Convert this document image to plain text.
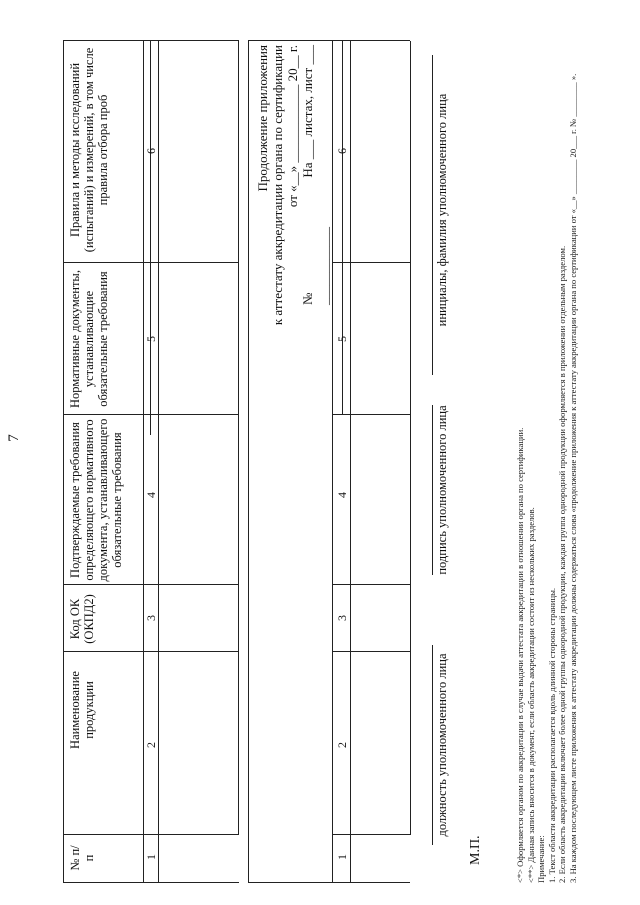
7
№ п/п
Наименование продукции
Код ОК (ОКПД2)
Подтверждаемые требования определяющего нормативного документа, устанавливающего обязательные требования
Нормативные документы, устанавливающие обязательные требования
Правила и методы исследований (испытаний) и измерений, в том числе правила отбора проб
1
2
3
4
5
6	Продолжение приложения к аттестату аккредитации органа по сертификации от «__» ____________ 20__ г.
№ ____________
На ___ листах, лист ___
1
2
3
4
5
6
должность уполномоченного лица
подпись уполномоченного лица
инициалы, фамилия уполномоченного лица
М.П.	<*> Оформляется органом по аккредитации в случае выдачи аттестата аккредитации в отношении органа по сертификации. <**> Данная запись вносится в документ, если область аккредитации состоит из нескольких разделов. Примечание: 1. Текст области аккредитации располагается вдоль длинной стороны страницы. 2. Если область аккредитации включает более одной группы однородной продукции, каждая группа однородной продукции оформляется в приложении отдельным разделом. 3. На каждом последующем листе приложения к аттестату аккредитации должны содержаться слова «продолжение приложения к аттестату аккредитации органа по сертификации от «__» ________ 20___ г. № ________ ».
